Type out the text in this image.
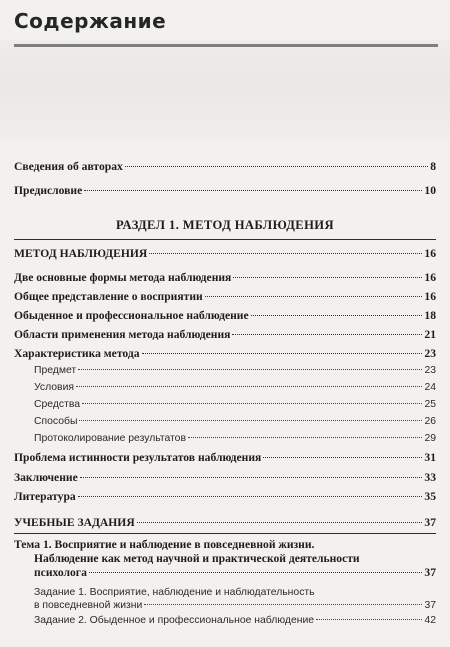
Содержание
Сведения об авторах	8
Предисловие	10
РАЗДЕЛ 1. МЕТОД НАБЛЮДЕНИЯ
МЕТОД НАБЛЮДЕНИЯ	16
Две основные формы метода наблюдения	16
Общее представление о восприятии	16
Обыденное и профессиональное наблюдение	18
Области применения метода наблюдения	21
Характеристика метода	23
Предмет	23
Условия	24
Средства	25
Способы	26
Протоколирование результатов	29
Проблема истинности результатов наблюдения	31
Заключение	33
Литература	35
УЧЕБНЫЕ ЗАДАНИЯ	37
Тема 1. Восприятие и наблюдение в повседневной жизни.
Наблюдение как метод научной и практической деятельности
психолога	37
Задание 1. Восприятие, наблюдение и наблюдательность
в повседневной жизни	37
Задание 2. Обыденное и профессиональное наблюдение	42
